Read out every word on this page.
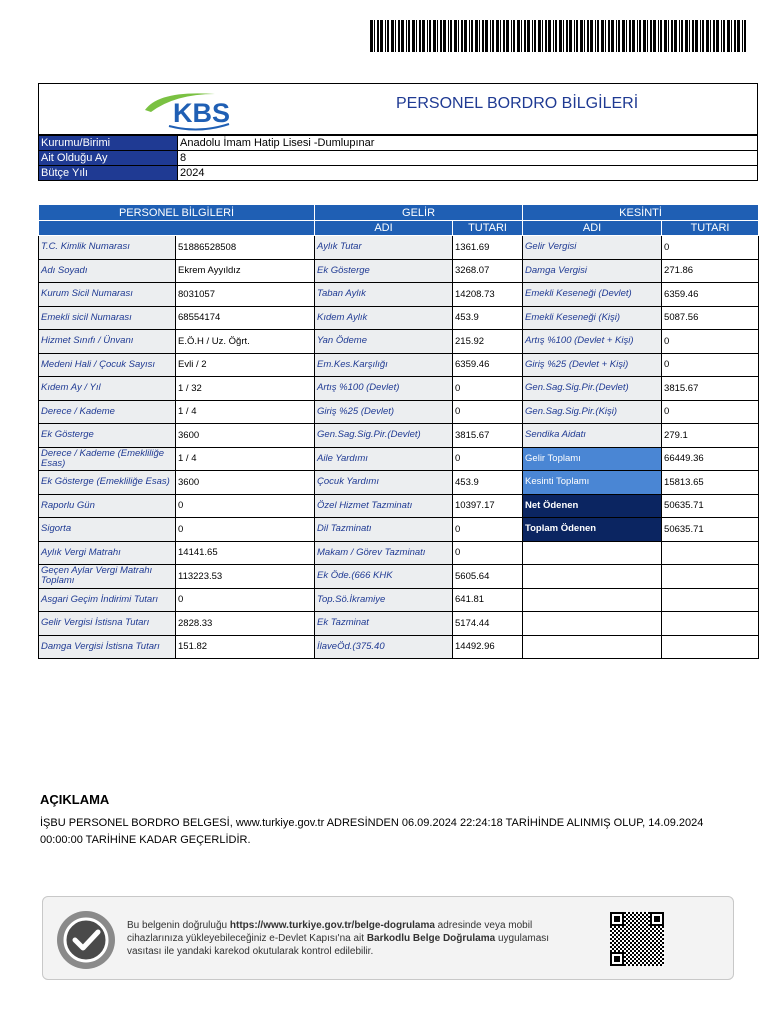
KBS	PERSONEL BORDRO BİLGİLERİ
Kurumu/Birimi	Anadolu İmam Hatip Lisesi -Dumlupınar
Ait Olduğu Ay	8
Bütçe Yılı	2024
PERSONEL BİLGİLERİ		GELİR		KESİNTİ	
		ADI	TUTARI	ADI	TUTARI
T.C. Kimlik Numarası	51886528508	Aylık Tutar	1361.69	Gelir Vergisi	0
Adı Soyadı	Ekrem Ayyıldız	Ek Gösterge	3268.07	Damga Vergisi	271.86
Kurum Sicil Numarası	8031057	Taban Aylık	14208.73	Emekli Keseneği (Devlet)	6359.46
Emekli sicil Numarası	68554174	Kıdem Aylık	453.9	Emekli Keseneği (Kişi)	5087.56
Hizmet Sınıfı / Ünvanı	E.Ö.H / Uz. Öğrt.	Yan Ödeme	215.92	Artış %100 (Devlet + Kişi)	0
Medeni Hali / Çocuk Sayısı	Evli / 2	Em.Kes.Karşılığı	6359.46	Giriş %25 (Devlet + Kişi)	0
Kıdem Ay / Yıl	1 / 32	Artış %100 (Devlet)	0	Gen.Sag.Sig.Pir.(Devlet)	3815.67
Derece / Kademe	1 / 4	Giriş %25 (Devlet)	0	Gen.Sag.Sig.Pir.(Kişi)	0
Ek Gösterge	3600	Gen.Sag.Sig.Pir.(Devlet)	3815.67	Sendika Aidatı	279.1
Derece / Kademe (Emekliliğe Esas)	1 / 4	Aile Yardımı	0	Gelir Toplamı	66449.36
Ek Gösterge (Emekliliğe Esas)	3600	Çocuk Yardımı	453.9	Kesinti Toplamı	15813.65
Raporlu Gün	0	Özel Hizmet Tazminatı	10397.17	Net Ödenen	50635.71
Sigorta	0	Dil Tazminatı	0	Toplam Ödenen	50635.71
Aylık Vergi Matrahı	14141.65	Makam / Görev Tazminatı	0		
Geçen Aylar Vergi Matrahı Toplamı	113223.53	Ek Öde.(666 KHK	5605.64		
Asgari Geçim İndirimi Tutarı	0	Top.Sö.İkramiye	641.81		
Gelir Vergisi İstisna Tutarı	2828.33	Ek Tazminat	5174.44		
Damga Vergisi İstisna Tutarı	151.82	İlaveÖd.(375.40	14492.96		
AÇIKLAMA
İŞBU PERSONEL BORDRO BELGESİ, www.turkiye.gov.tr ADRESİNDEN 06.09.2024 22:24:18 TARİHİNDE ALINMIŞ OLUP, 14.09.2024 00:00:00 TARİHİNE KADAR GEÇERLİDİR.
Bu belgenin doğruluğu https://www.turkiye.gov.tr/belge-dogrulama adresinde veya mobil cihazlarınıza yükleyebileceğiniz e-Devlet Kapısı'na ait Barkodlu Belge Doğrulama uygulaması vasıtası ile yandaki karekod okutularak kontrol edilebilir.
